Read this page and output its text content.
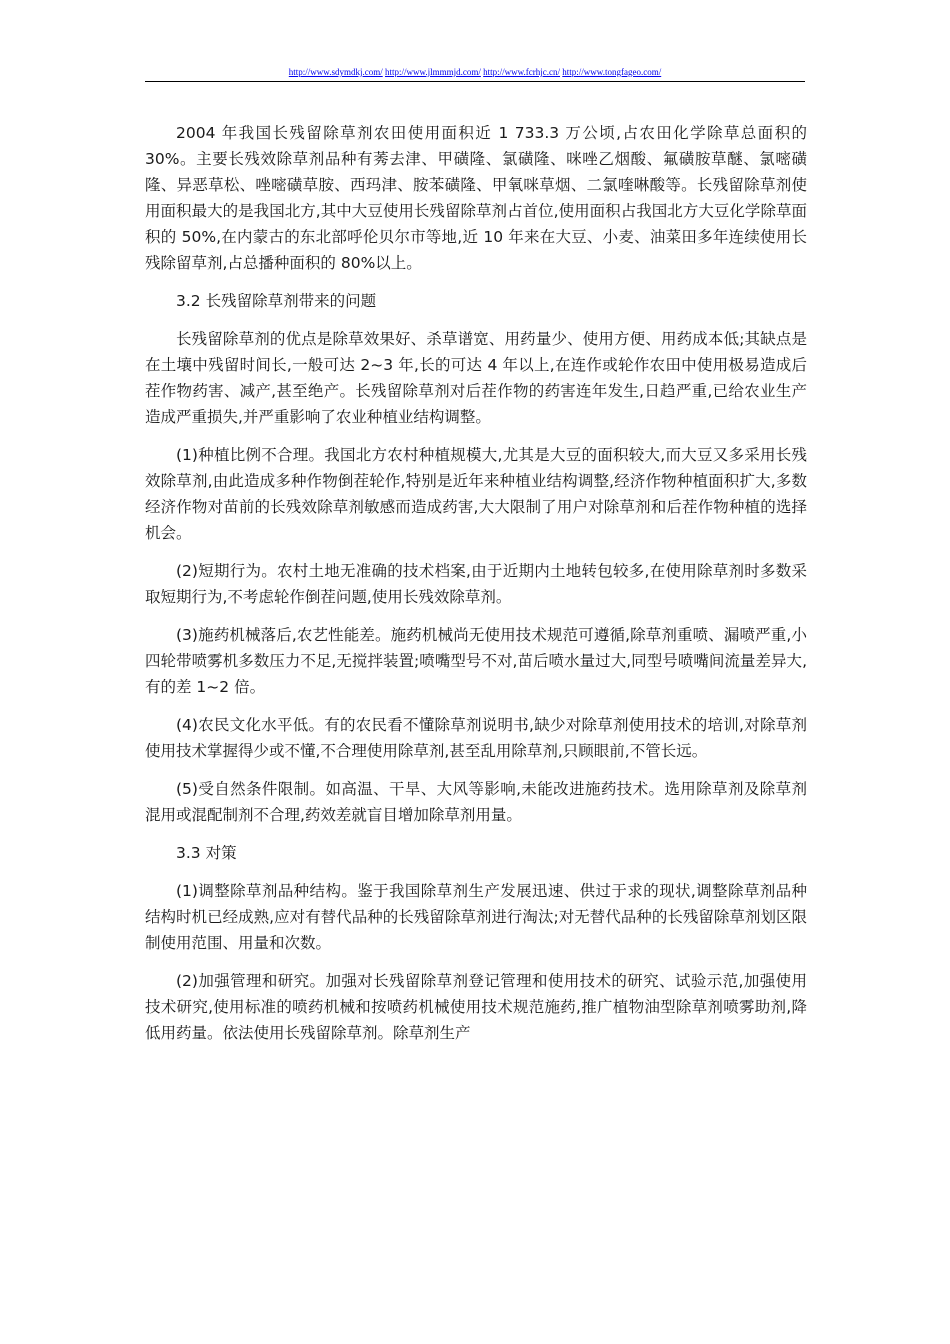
http://www.sdymdkj.com/ http://www.jlmmmjd.com/ http://www.fcrhjc.cn/ http://www.tongfageo.com/

2004 年我国长残留除草剂农田使用面积近 1 733.3 万公顷,占农田化学除草总面积的 30%。主要长残效除草剂品种有莠去津、甲磺隆、氯磺隆、咪唑乙烟酸、氟磺胺草醚、氯嘧磺隆、异恶草松、唑嘧磺草胺、西玛津、胺苯磺隆、甲氧咪草烟、二氯喹啉酸等。长残留除草剂使用面积最大的是我国北方,其中大豆使用长残留除草剂占首位,使用面积占我国北方大豆化学除草面积的 50%,在内蒙古的东北部呼伦贝尔市等地,近 10 年来在大豆、小麦、油菜田多年连续使用长残除留草剂,占总播种面积的 80%以上。

3.2 长残留除草剂带来的问题

长残留除草剂的优点是除草效果好、杀草谱宽、用药量少、使用方便、用药成本低;其缺点是在土壤中残留时间长,一般可达 2~3 年,长的可达 4 年以上,在连作或轮作农田中使用极易造成后茬作物药害、减产,甚至绝产。长残留除草剂对后茬作物的药害连年发生,日趋严重,已给农业生产造成严重损失,并严重影响了农业种植业结构调整。

(1)种植比例不合理。我国北方农村种植规模大,尤其是大豆的面积较大,而大豆又多采用长残效除草剂,由此造成多种作物倒茬轮作,特别是近年来种植业结构调整,经济作物种植面积扩大,多数经济作物对苗前的长残效除草剂敏感而造成药害,大大限制了用户对除草剂和后茬作物种植的选择机会。

(2)短期行为。农村土地无准确的技术档案,由于近期内土地转包较多,在使用除草剂时多数采取短期行为,不考虑轮作倒茬问题,使用长残效除草剂。

(3)施药机械落后,农艺性能差。施药机械尚无使用技术规范可遵循,除草剂重喷、漏喷严重,小四轮带喷雾机多数压力不足,无搅拌装置;喷嘴型号不对,苗后喷水量过大,同型号喷嘴间流量差异大,有的差 1~2 倍。

(4)农民文化水平低。有的农民看不懂除草剂说明书,缺少对除草剂使用技术的培训,对除草剂使用技术掌握得少或不懂,不合理使用除草剂,甚至乱用除草剂,只顾眼前,不管长远。

(5)受自然条件限制。如高温、干旱、大风等影响,未能改进施药技术。选用除草剂及除草剂混用或混配制剂不合理,药效差就盲目增加除草剂用量。

3.3 对策

(1)调整除草剂品种结构。鉴于我国除草剂生产发展迅速、供过于求的现状,调整除草剂品种结构时机已经成熟,应对有替代品种的长残留除草剂进行淘汰;对无替代品种的长残留除草剂划区限制使用范围、用量和次数。

(2)加强管理和研究。加强对长残留除草剂登记管理和使用技术的研究、试验示范,加强使用技术研究,使用标准的喷药机械和按喷药机械使用技术规范施药,推广植物油型除草剂喷雾助剂,降低用药量。依法使用长残留除草剂。除草剂生产
